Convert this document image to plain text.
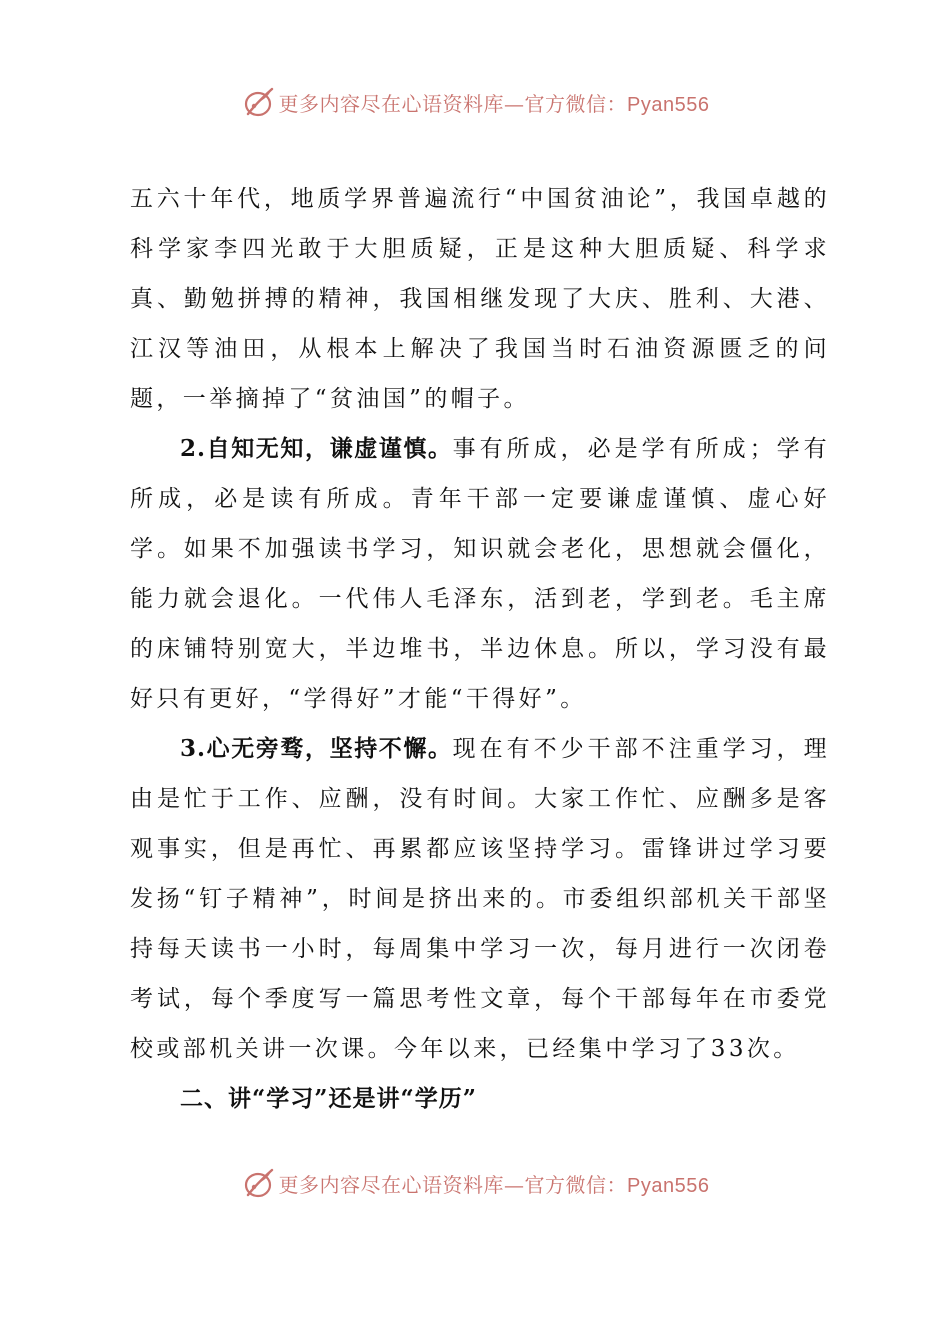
更多内容尽在心语资料库—官方微信：Pyan556

五六十年代，地质学界普遍流行“中国贫油论”，我国卓越的科学家李四光敢于大胆质疑，正是这种大胆质疑、科学求真、勤勉拼搏的精神，我国相继发现了大庆、胜利、大港、江汉等油田，从根本上解决了我国当时石油资源匮乏的问题，一举摘掉了“贫油国”的帽子。

2.自知无知，谦虚谨慎。事有所成，必是学有所成；学有所成，必是读有所成。青年干部一定要谦虚谨慎、虚心好学。如果不加强读书学习，知识就会老化，思想就会僵化，能力就会退化。一代伟人毛泽东，活到老，学到老。毛主席的床铺特别宽大，半边堆书，半边休息。所以，学习没有最好只有更好，“学得好”才能“干得好”。

3.心无旁骛，坚持不懈。现在有不少干部不注重学习，理由是忙于工作、应酬，没有时间。大家工作忙、应酬多是客观事实，但是再忙、再累都应该坚持学习。雷锋讲过学习要发扬“钉子精神”，时间是挤出来的。市委组织部机关干部坚持每天读书一小时，每周集中学习一次，每月进行一次闭卷考试，每个季度写一篇思考性文章，每个干部每年在市委党校或部机关讲一次课。今年以来，已经集中学习了33次。

二、讲“学习”还是讲“学历”

更多内容尽在心语资料库—官方微信：Pyan556
